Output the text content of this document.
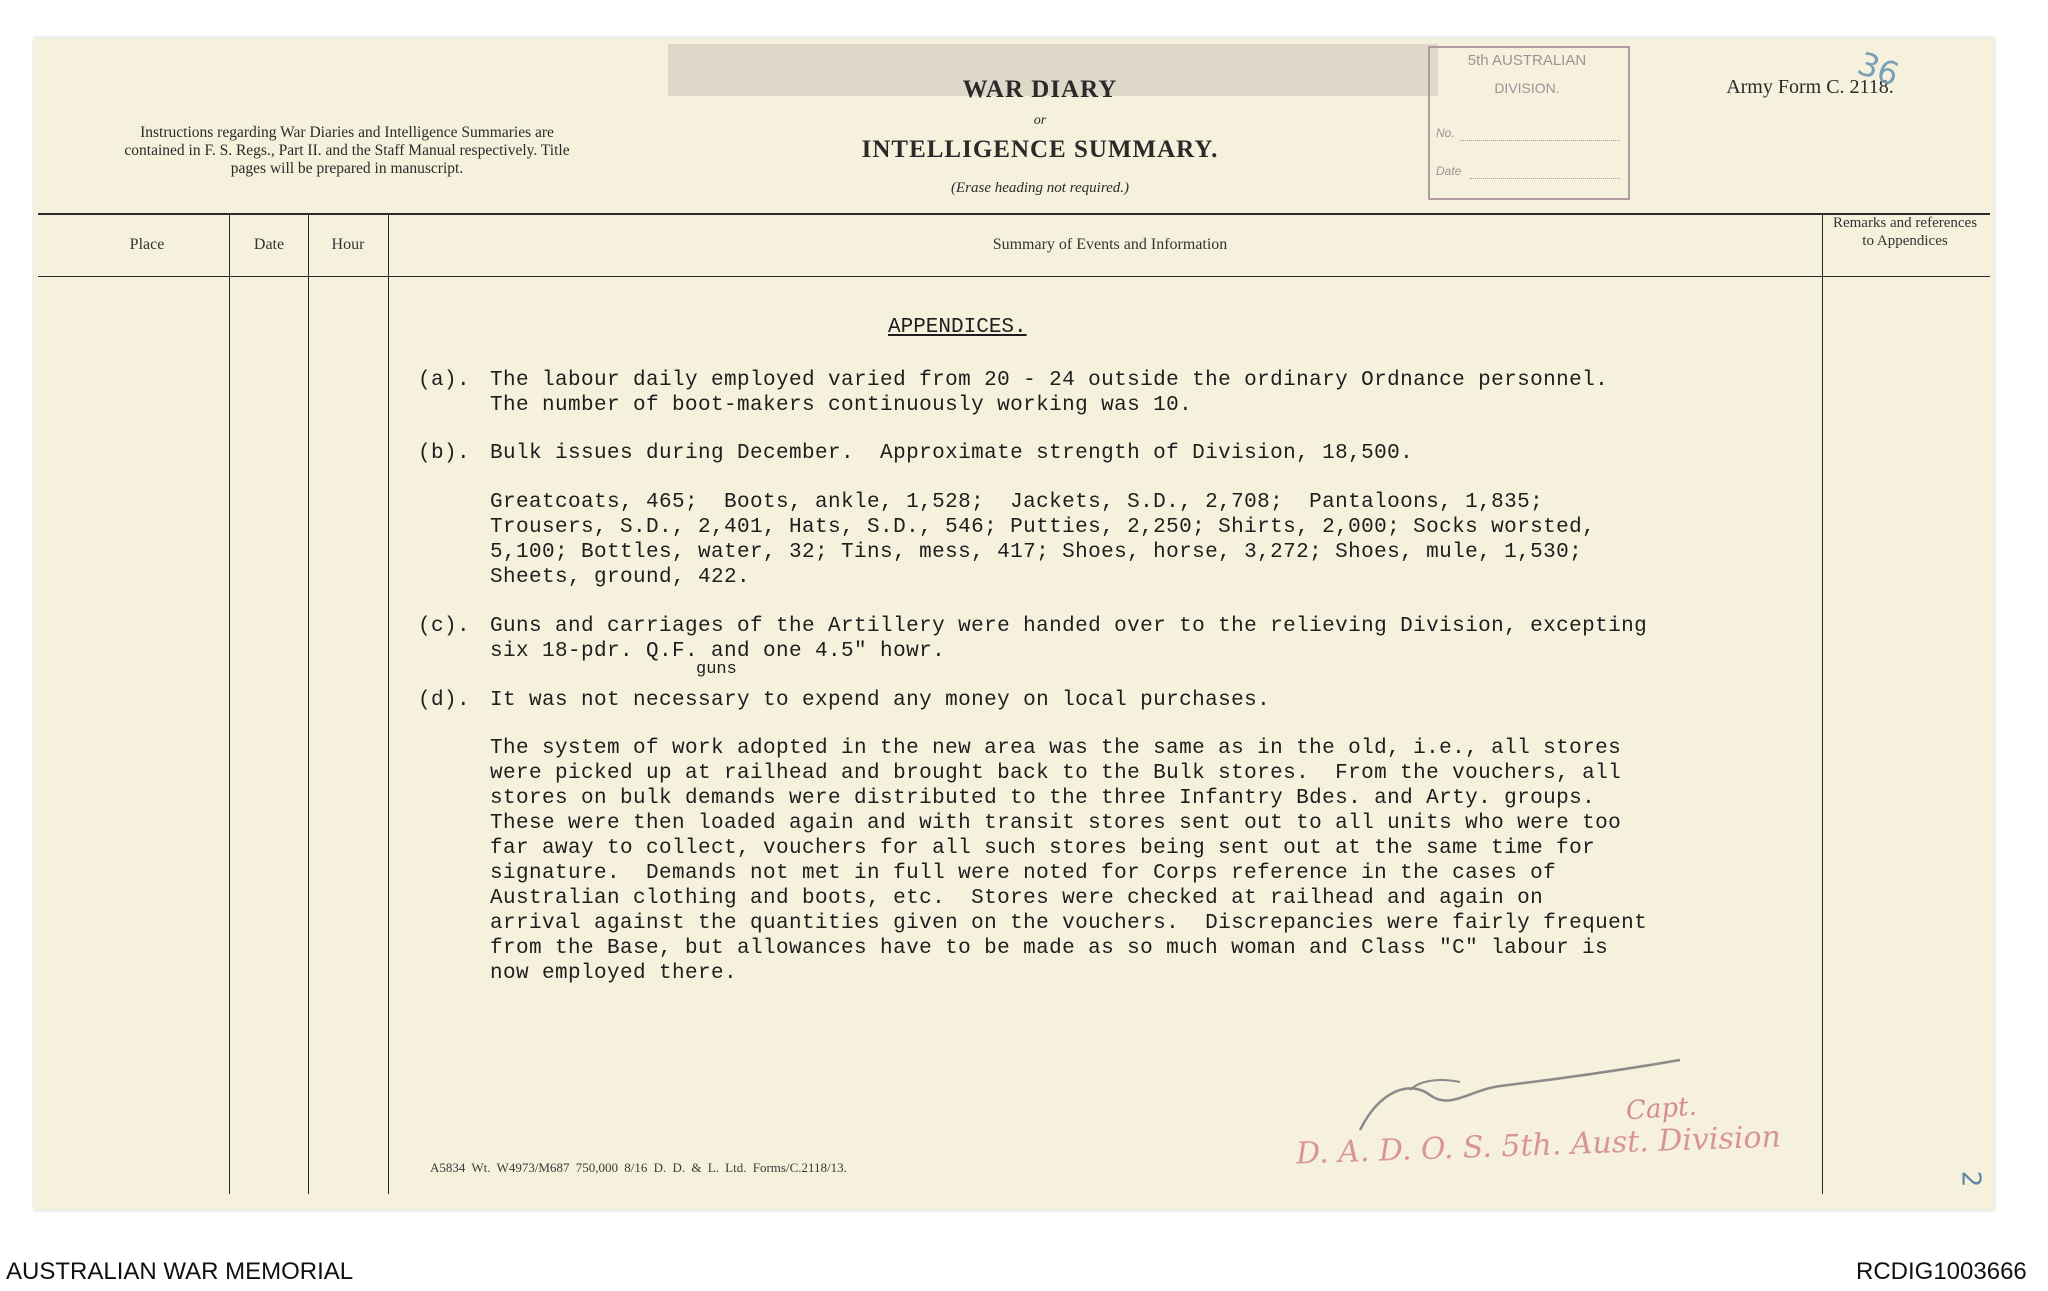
Instructions regarding War Diaries and Intelligence Summaries are contained in F. S. Regs., Part II. and the Staff Manual respectively. Title pages will be prepared in manuscript.
WAR DIARY
or
INTELLIGENCE SUMMARY.
(Erase heading not required.)
Army Form C. 2118.
36
5th AUSTRALIAN
DIVISION.
No.
Date
Place	Date	Hour	Summary of Events and Information
Remarks and references to Appendices
APPENDICES.
(a). The labour daily employed varied from 20 - 24 outside the ordinary Ordnance personnel.
The number of boot-makers continuously working was 10.
(b). Bulk issues during December.  Approximate strength of Division, 18,500.
Greatcoats, 465;  Boots, ankle, 1,528;  Jackets, S.D., 2,708;  Pantaloons, 1,835;
Trousers, S.D., 2,401, Hats, S.D., 546; Putties, 2,250; Shirts, 2,000; Socks worsted,
5,100; Bottles, water, 32; Tins, mess, 417; Shoes, horse, 3,272; Shoes, mule, 1,530;
Sheets, ground, 422.
(c). Guns and carriages of the Artillery were handed over to the relieving Division, excepting
six 18-pdr. Q.F. and one 4.5" howr.
guns
(d). It was not necessary to expend any money on local purchases.
The system of work adopted in the new area was the same as in the old, i.e., all stores
were picked up at railhead and brought back to the Bulk stores.  From the vouchers, all
stores on bulk demands were distributed to the three Infantry Bdes. and Arty. groups.
These were then loaded again and with transit stores sent out to all units who were too
far away to collect, vouchers for all such stores being sent out at the same time for
signature.  Demands not met in full were noted for Corps reference in the cases of
Australian clothing and boots, etc.  Stores were checked at railhead and again on
arrival against the quantities given on the vouchers.  Discrepancies were fairly frequent
from the Base, but allowances have to be made as so much woman and Class "C" labour is
now employed there.
Capt.
D. A. D. O. S. 5th. Aust. Division
A5834 Wt. W4973/M687 750,000 8/16 D. D. & L. Ltd. Forms/C.2118/13.
2
AUSTRALIAN WAR MEMORIAL	RCDIG1003666
